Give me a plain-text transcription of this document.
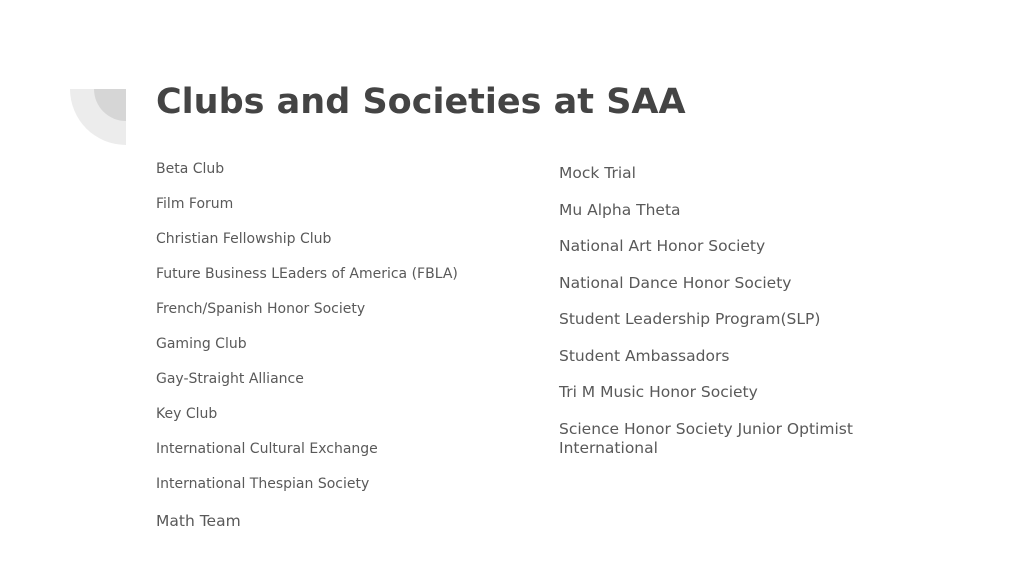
Clubs and Societies at SAA
Beta Club
Film Forum
Christian Fellowship Club
Future Business LEaders of America (FBLA)
French/Spanish Honor Society
Gaming Club
Gay-Straight Alliance
Key Club
International Cultural Exchange
International Thespian Society
Math Team
Mock Trial
Mu Alpha Theta
National Art Honor Society
National Dance Honor Society
Student Leadership Program(SLP)
Student Ambassadors
Tri M Music Honor Society
Science Honor Society Junior Optimist International
